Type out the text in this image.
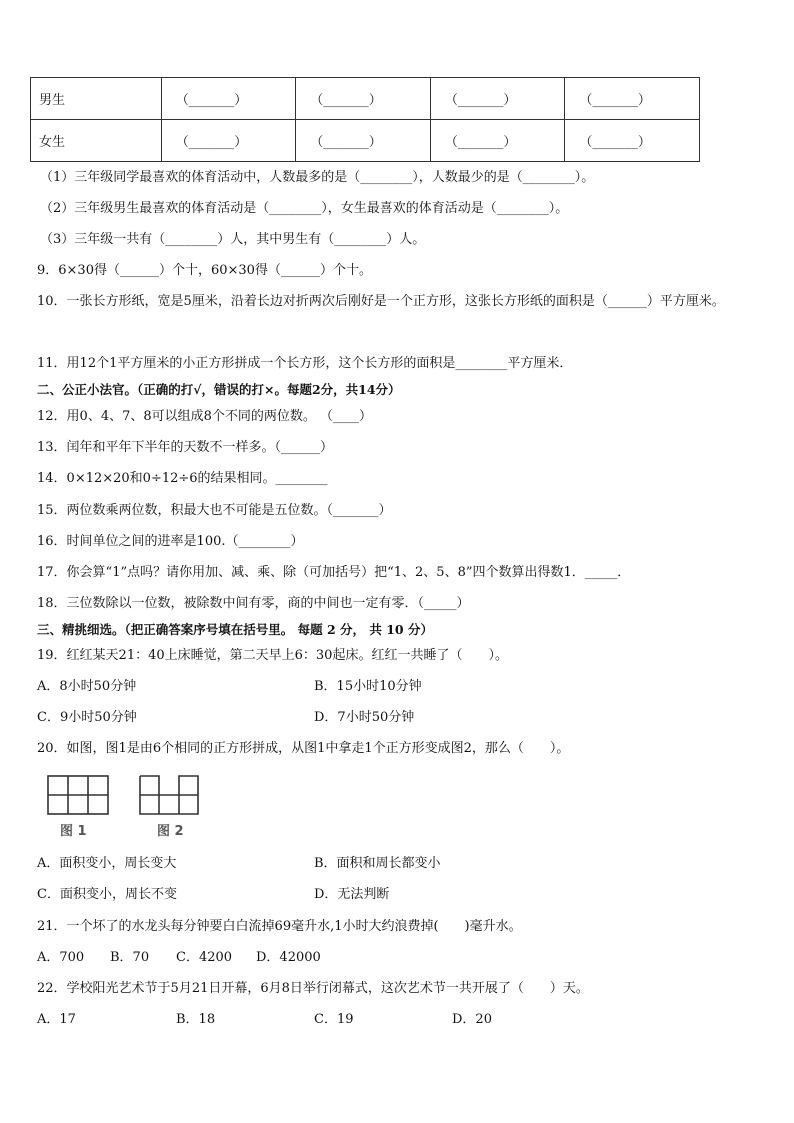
男生	（_______）	（_______）	（_______）	（_______）
女生	（_______）	（_______）	（_______）	（_______）
（1）三年级同学最喜欢的体育活动中，人数最多的是（________），人数最少的是（________）。
（2）三年级男生最喜欢的体育活动是（________），女生最喜欢的体育活动是（________）。
（3）三年级一共有（________）人，其中男生有（________）人。
9．6×30得（______）个十，60×30得（______）个十。
10．一张长方形纸，宽是5厘米，沿着长边对折两次后刚好是一个正方形，这张长方形纸的面积是（______）平方厘米。
11．用12个1平方厘米的小正方形拼成一个长方形，这个长方形的面积是________平方厘米．
二、公正小法官。（正确的打√，错误的打×。每题2分，共14分）
12．用0、4、7、8可以组成8个不同的两位数。 （____）
13．闰年和平年下半年的天数不一样多。（______）
14．0×12×20和0÷12÷6的结果相同。________
15．两位数乘两位数，积最大也不可能是五位数。（_______）
16．时间单位之间的进率是100.（________）
17．你会算“1”点吗？请你用加、减、乘、除（可加括号）把“1、2、5、8”四个数算出得数1．_____．
18．三位数除以一位数，被除数中间有零，商的中间也一定有零．（_____）
三、精挑细选。（把正确答案序号填在括号里。 每题 2 分， 共 10 分）
19．红红某天21：40上床睡觉，第二天早上6：30起床。红红一共睡了（　　）。
A．8小时50分钟	B．15小时10分钟
C．9小时50分钟	D．7小时50分钟
20．如图，图1是由6个相同的正方形拼成，从图1中拿走1个正方形变成图2，那么（　　）。
图 1	图 2
A．面积变小，周长变大	B．面积和周长都变小
C．面积变小，周长不变	D．无法判断
21．一个坏了的水龙头每分钟要白白流掉69毫升水,1小时大约浪费掉(　　)毫升水。
A．700 B．70 C．4200 D．42000
22．学校阳光艺术节于5月21日开幕，6月8日举行闭幕式，这次艺术节一共开展了（　　）天。
A．17	B．18	C．19	D．20
